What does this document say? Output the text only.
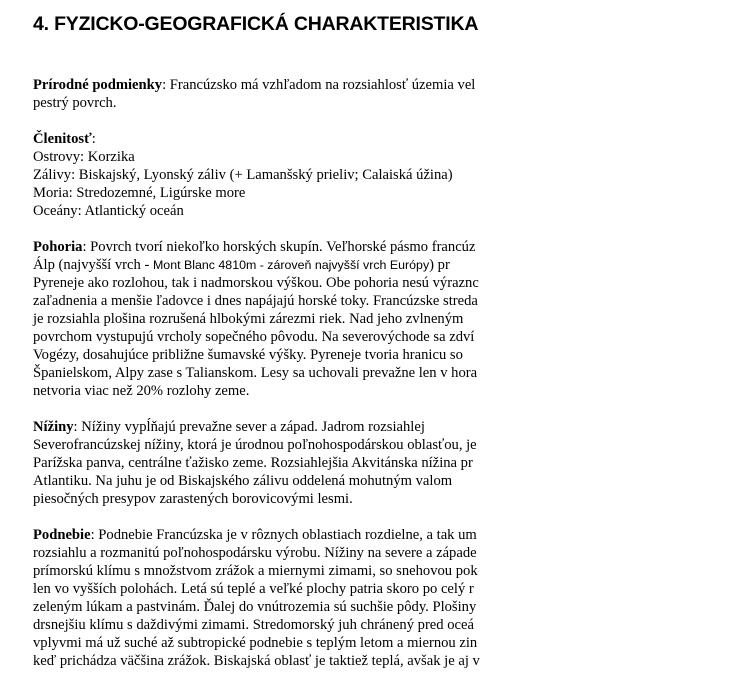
4. FYZICKO-GEOGRAFICKÁ CHARAKTERISTIKA

Prírodné podmienky: Francúzsko má vzhľadom na rozsiahlosť územia vel
pestrý povrch.

Členitosť:
Ostrovy: Korzika
Zálivy: Biskajský, Lyonský záliv (+ Lamanšský prieliv; Calaiská úžina)
Moria: Stredozemné, Ligúrske more
Oceány: Atlantický oceán

Pohoria: Povrch tvorí niekoľko horských skupín. Veľhorské pásmo francúz
Álp (najvyšší vrch - Mont Blanc 4810m - zároveň najvyšší vrch Európy) pr
Pyreneje ako rozlohou, tak i nadmorskou výškou. Obe pohoria nesú výraznc
zaľadnenia a menšie ľadovce i dnes napájajú horské toky. Francúzske streda
je rozsiahla plošina rozrušená hlbokými zárezmi riek. Nad jeho zvlneným
povrchom vystupujú vrcholy sopečného pôvodu. Na severovýchode sa zdví
Vogézy, dosahujúce približne šumavské výšky. Pyreneje tvoria hranicu so
Španielskom, Alpy zase s Talianskom. Lesy sa uchovali prevažne len v hora
netvoria viac než 20% rozlohy zeme.

Nížiny: Nížiny vypĺňajú prevažne sever a západ. Jadrom rozsiahlej
Severofrancúzskej nížiny, ktorá je úrodnou poľnohospodárskou oblasťou, je
Parížska panva, centrálne ťažisko zeme. Rozsiahlejšia Akvitánska nížina pr
Atlantiku. Na juhu je od Biskajského zálivu oddelená mohutným valom
piesočných presypov zarastených borovicovými lesmi.

Podnebie: Podnebie Francúzska je v rôznych oblastiach rozdielne, a tak um
rozsiahlu a rozmanitú poľnohospodársku výrobu. Nížiny na severe a západe
prímorskú klímu s množstvom zrážok a miernymi zimami, so snehovou pok
len vo vyšších polohách. Letá sú teplé a veľké plochy patria skoro po celý r
zeleným lúkam a pastvinám. Ďalej do vnútrozemia sú suchšie pôdy. Plošiny
drsnejšiu klímu s daždivými zimami. Stredomorský juh chránený pred oceá
vplyvmi má už suché až subtropické podnebie s teplým letom a miernou zin
keď prichádza väčšina zrážok. Biskajská oblasť je taktiež teplá, avšak je aj v
